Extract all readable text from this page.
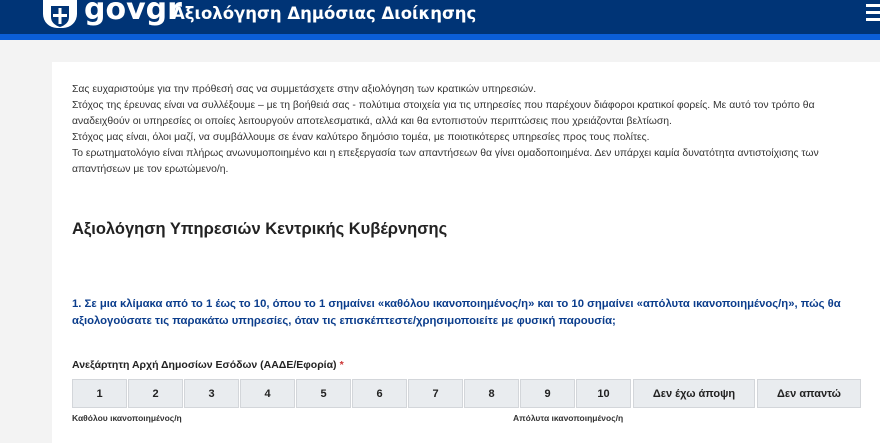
govgr
Αξιολόγηση Δημόσιας Διοίκησης

Σας ευχαριστούμε για την πρόθεσή σας να συμμετάσχετε στην αξιολόγηση των κρατικών υπηρεσιών.

Στόχος της έρευνας είναι να συλλέξουμε – με τη βοήθειά σας - πολύτιμα στοιχεία για τις υπηρεσίες που παρέχουν διάφοροι κρατικοί φορείς. Με αυτό τον τρόπο θα αναδειχθούν οι υπηρεσίες οι οποίες λειτουργούν αποτελεσματικά, αλλά και θα εντοπιστούν περιπτώσεις που χρειάζονται βελτίωση.

Στόχος μας είναι, όλοι μαζί, να συμβάλλουμε σε έναν καλύτερο δημόσιο τομέα, με ποιοτικότερες υπηρεσίες προς τους πολίτες.

Το ερωτηματολόγιο είναι πλήρως ανωνυμοποιημένο και η επεξεργασία των απαντήσεων θα γίνει ομαδοποιημένα. Δεν υπάρχει καμία δυνατότητα αντιστοίχισης των απαντήσεων με τον ερωτώμενο/η.

Αξιολόγηση Υπηρεσιών Κεντρικής Κυβέρνησης
1. Σε μια κλίμακα από το 1 έως το 10, όπου το 1 σημαίνει «καθόλου ικανοποιημένος/η» και το 10 σημαίνει «απόλυτα ικανοποιημένος/η», πώς θα αξιολογούσατε τις παρακάτω υπηρεσίες, όταν τις επισκέπτεστε/χρησιμοποιείτε με φυσική παρουσία;
Ανεξάρτητη Αρχή Δημοσίων Εσόδων (ΑΑΔΕ/Εφορία) *
1	2	3	4	5	6	7	8	9	10	Δεν έχω άποψη	Δεν απαντώ
Καθόλου ικανοποιημένος/η	Απόλυτα ικανοποιημένος/η
